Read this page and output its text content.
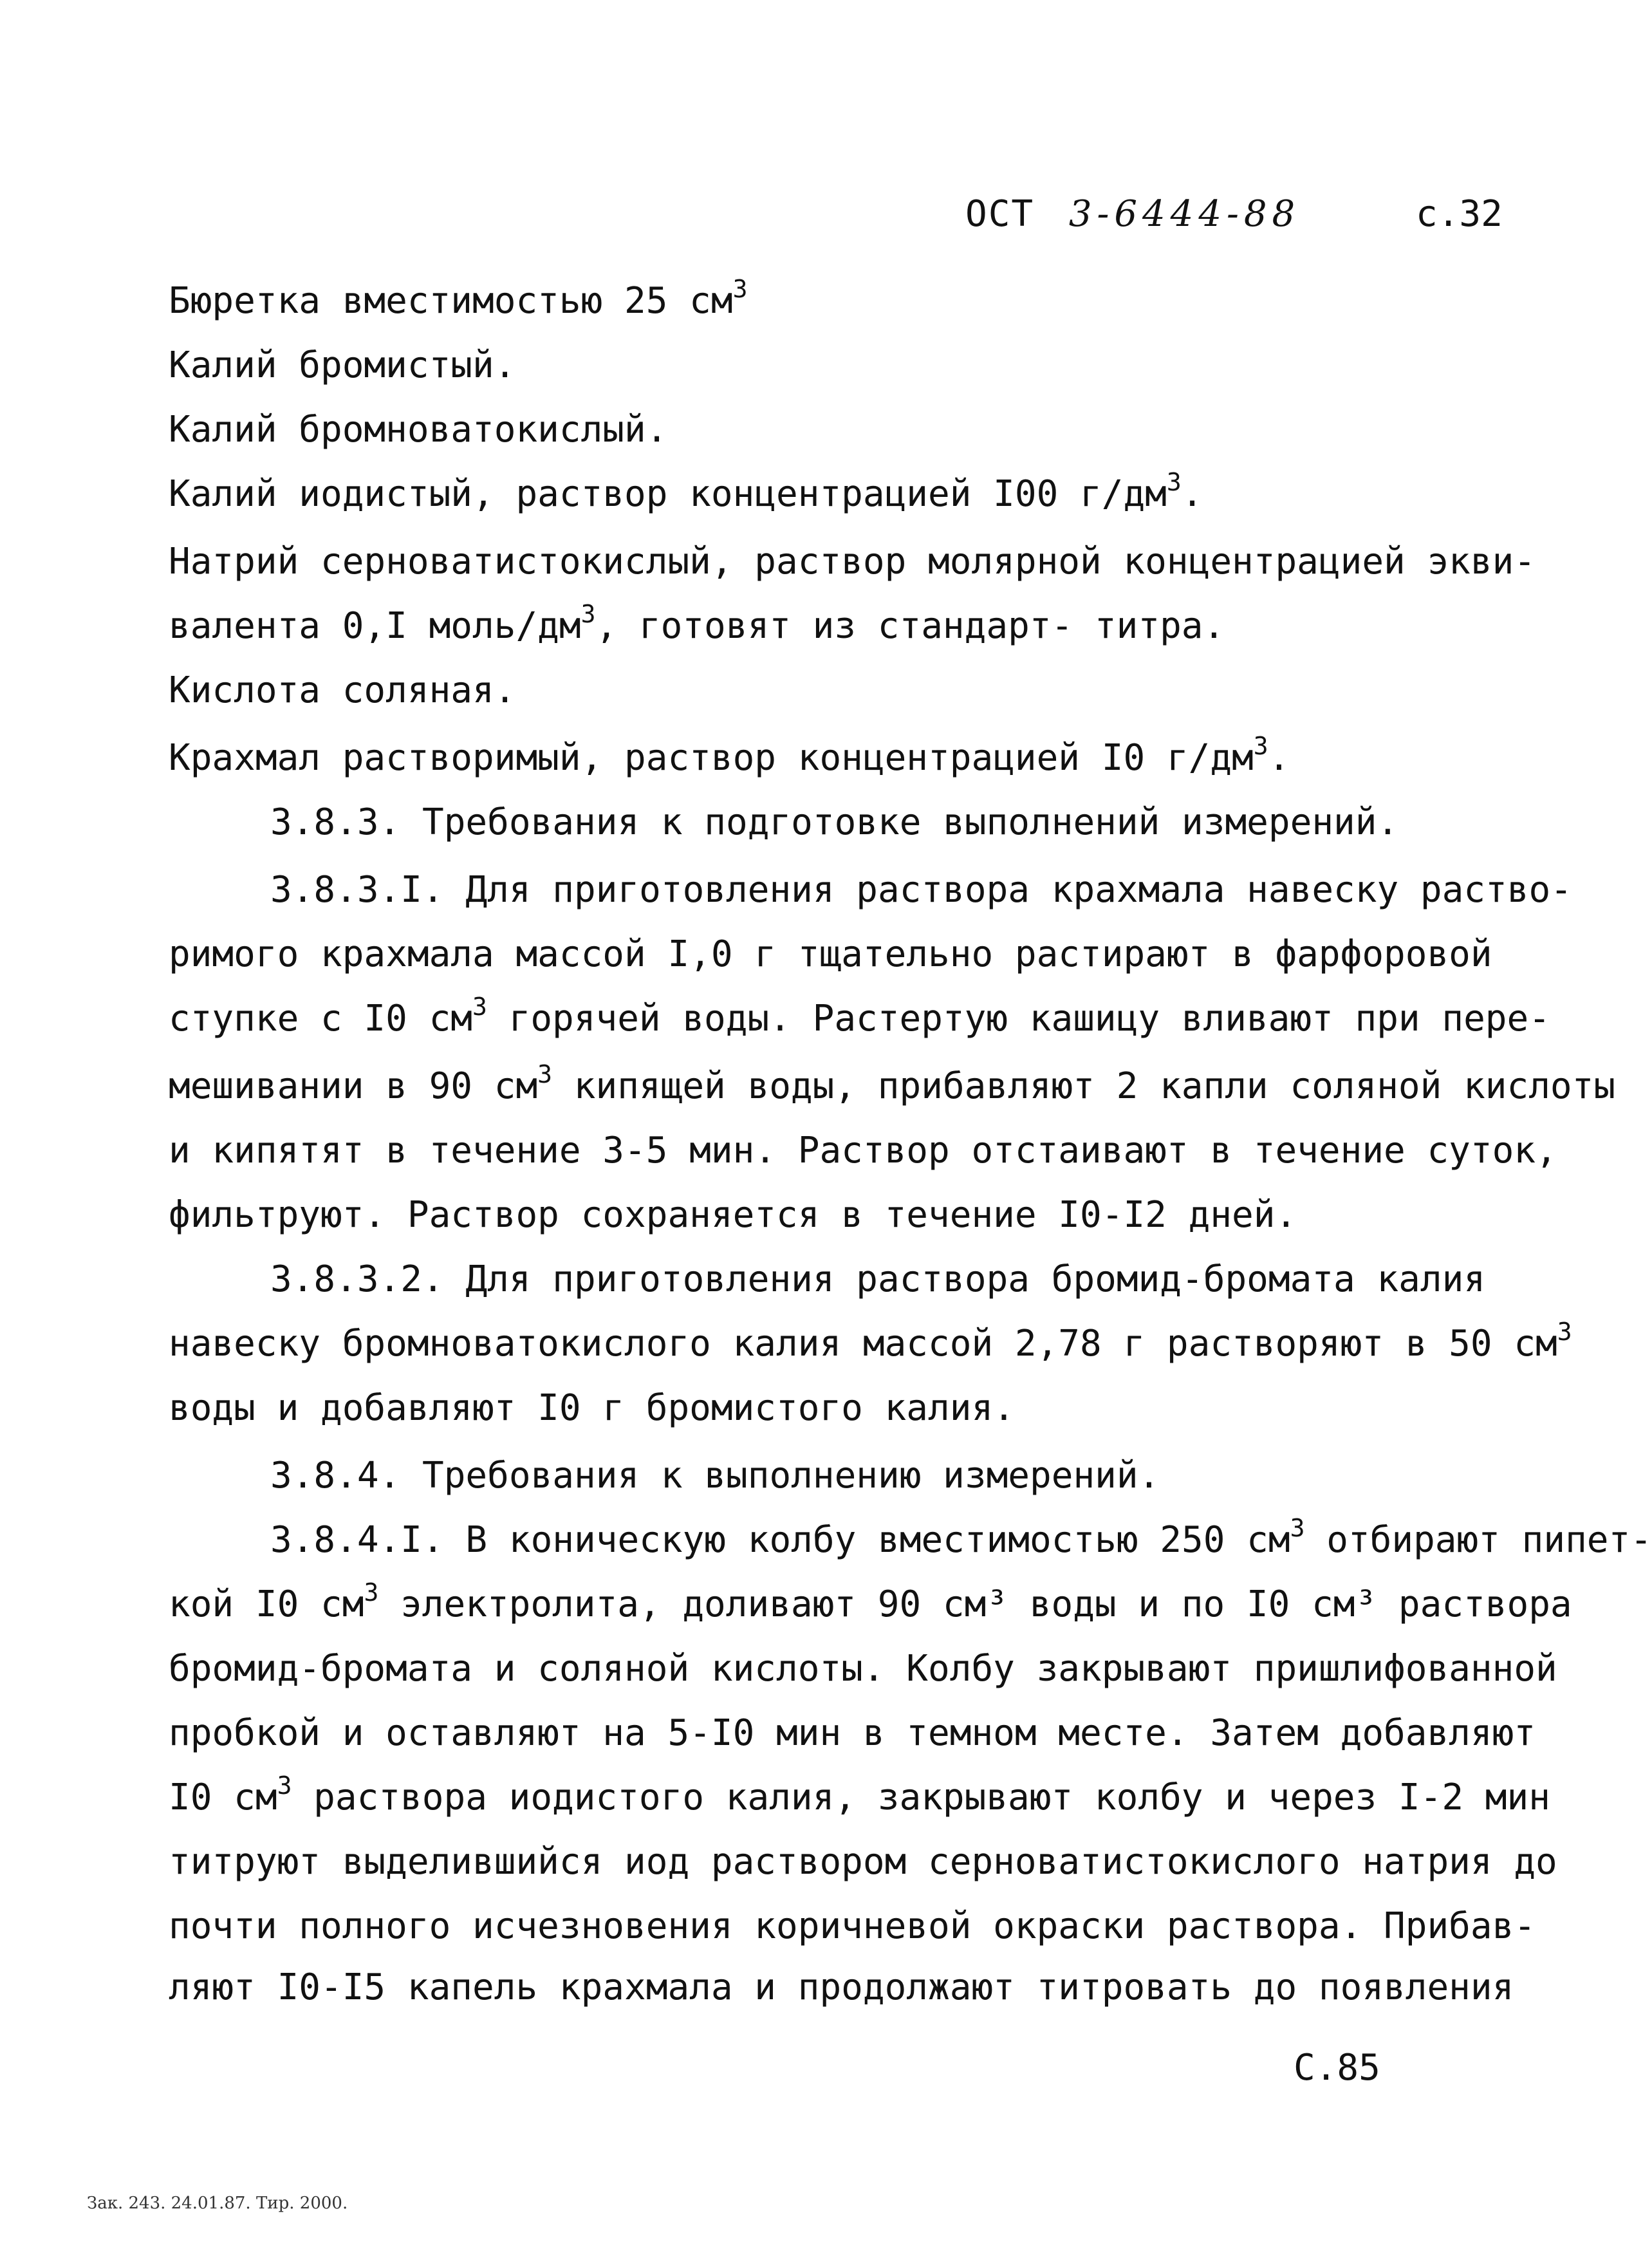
ОСТ 3-6444-88	с.32
Бюретка вместимостью 25 $см^3$
Калий бромистый.
Калий бромноватокислый.
Калий иодистый, раствор концентрацией I00 $г/дм^3$.
Натрий серноватистокислый, раствор молярной концентрацией экви-
валента 0,I моль/$дм^3$, готовят из стандарт- титра.
Кислота соляная.
Крахмал растворимый, раствор концентрацией I0 $г/дм^3$.
3.8.3. Требования к подготовке выполнений измерений.
3.8.3.I. Для приготовления раствора крахмала навеску раство-
римого крахмала массой I,0 г тщательно растирают в фарфоровой
ступке с I0 $см^3$ горячей воды. Растертую кашицу вливают при пере-
мешивании в 90 $см^3$ кипящей воды, прибавляют 2 капли соляной кислоты
и кипятят в течение 3-5 мин. Раствор отстаивают в течение суток,
фильтруют. Раствор сохраняется в течение I0-I2 дней.
3.8.3.2. Для приготовления раствора бромид-бромата калия
навеску бромноватокислого калия массой 2,78 г растворяют в 50 $см^3$
воды и добавляют I0 г бромистого калия.
3.8.4. Требования к выполнению измерений.
3.8.4.I. В коническую колбу вместимостью 250 $см^3$ отбирают пипет-
кой I0 $см^3$ электролита, доливают 90 см³ воды и по I0 см³ раствора
бромид-бромата и соляной кислоты. Колбу закрывают пришлифованной
пробкой и оставляют на 5-I0 мин в темном месте. Затем добавляют
I0 $см^3$ раствора иодистого калия, закрывают колбу и через I-2 мин
титруют выделившийся иод раствором серноватистокислого натрия до
почти полного исчезновения коричневой окраски раствора. Прибав-
ляют I0-I5 капель крахмала и продолжают титровать до появления
С.85
Зак. 243. 24.01.87. Тир. 2000.
